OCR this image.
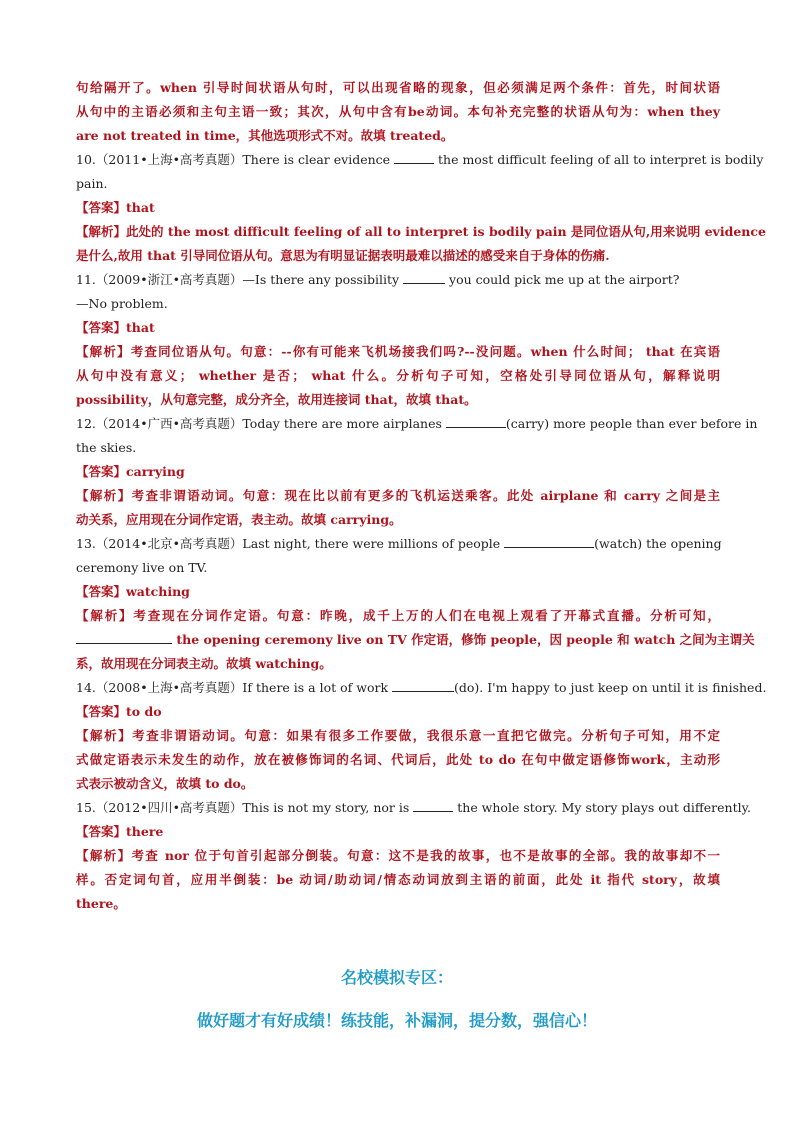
句给隔开了。when 引导时间状语从句时，可以出现省略的现象，但必须满足两个条件：首先，时间状语
从句中的主语必须和主句主语一致；其次，从句中含有be动词。本句补充完整的状语从句为：when they
are not treated in time，其他选项形式不对。故填 treated。
10.（2011•上海•高考真题）There is clear evidence	the most difficult feeling of all to interpret is bodily
pain.
【答案】that
【解析】此处的 the most difficult feeling of all to interpret is bodily pain 是同位语从句,用来说明 evidence
是什么,故用 that 引导同位语从句。意思为有明显证据表明最难以描述的感受来自于身体的伤痛.
11.（2009•浙江•高考真题）—Is there any possibility	you could pick me up at the airport?
—No problem.
【答案】that
【解析】考查同位语从句。句意：--你有可能来飞机场接我们吗?--没问题。when 什么时间； that 在宾语
从句中没有意义； whether 是否； what 什么。分析句子可知，空格处引导同位语从句，解释说明
possibility，从句意完整，成分齐全，故用连接词 that，故填 that。
12.（2014•广西•高考真题）Today there are more airplanes	(carry) more people than ever before in
the skies.
【答案】carrying
【解析】考查非谓语动词。句意：现在比以前有更多的飞机运送乘客。此处 airplane 和 carry 之间是主
动关系，应用现在分词作定语，表主动。故填 carrying。
13.（2014•北京•高考真题）Last night, there were millions of people	(watch) the opening
ceremony live on TV.
【答案】watching
【解析】考查现在分词作定语。句意：昨晚，成千上万的人们在电视上观看了开幕式直播。分析可知，
the opening ceremony live on TV 作定语，修饰 people，因 people 和 watch 之间为主谓关
系，故用现在分词表主动。故填 watching。
14.（2008•上海•高考真题）If there is a lot of work	(do). I'm happy to just keep on until it is finished.
【答案】to do
【解析】考查非谓语动词。句意：如果有很多工作要做，我很乐意一直把它做完。分析句子可知，用不定
式做定语表示未发生的动作，放在被修饰词的名词、代词后，此处 to do 在句中做定语修饰work，主动形
式表示被动含义，故填 to do。
15.（2012•四川•高考真题）This is not my story, nor is	the whole story. My story plays out differently.
【答案】there
【解析】考查 nor 位于句首引起部分倒装。句意：这不是我的故事，也不是故事的全部。我的故事却不一
样。否定词句首，应用半倒装：be 动词/助动词/情态动词放到主语的前面，此处 it 指代 story，故填
there。
名校模拟专区：
做好题才有好成绩！练技能，补漏洞，提分数，强信心！
